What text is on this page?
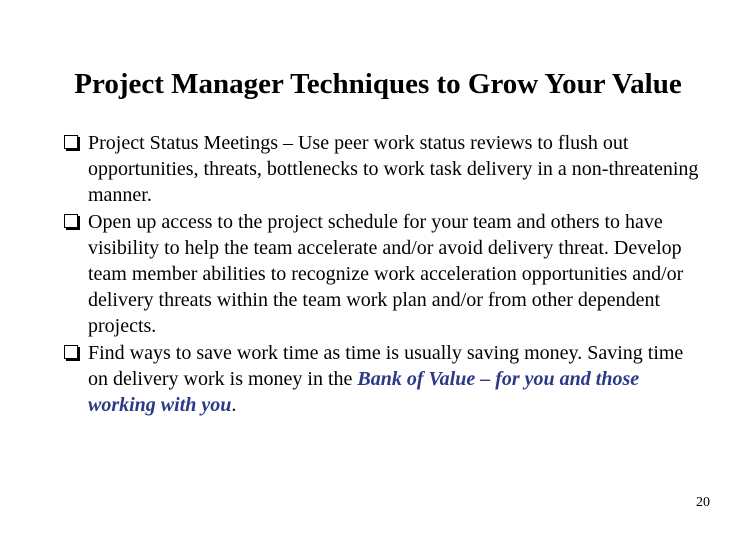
Project Manager Techniques to Grow Your Value
Project Status Meetings – Use peer work status reviews to flush out opportunities, threats, bottlenecks to work task delivery in a non-threatening manner.
Open up access to the project schedule for your team and others to have visibility to help the team accelerate and/or avoid delivery threat. Develop team member abilities to recognize work acceleration opportunities and/or delivery threats within the team work plan and/or from other dependent projects.
Find ways to save work time as time is usually saving money. Saving time on delivery work is money in the Bank of Value – for you and those working with you.
20
